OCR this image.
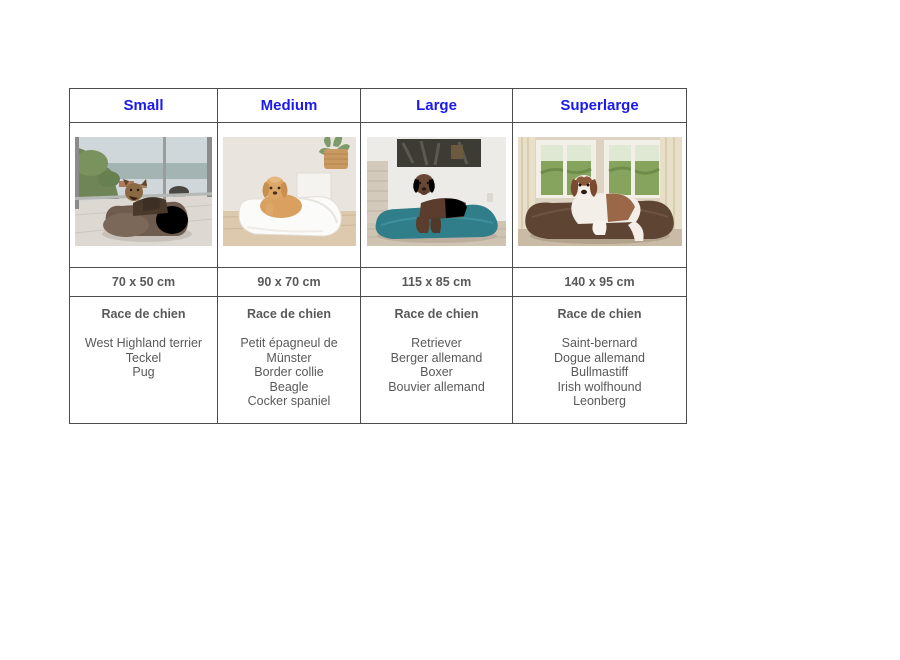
Small	Medium	Large	Superlarge
70 x 50 cm	90 x 70 cm	115 x 85 cm	140 x 95 cm
Race de chien
West Highland terrier
Teckel
Pug
Race de chien
Petit épagneul de Münster
Border collie
Beagle
Cocker spaniel
Race de chien
Retriever
Berger allemand
Boxer
Bouvier allemand
Race de chien
Saint-bernard
Dogue allemand
Bullmastiff
Irish wolfhound
Leonberg
